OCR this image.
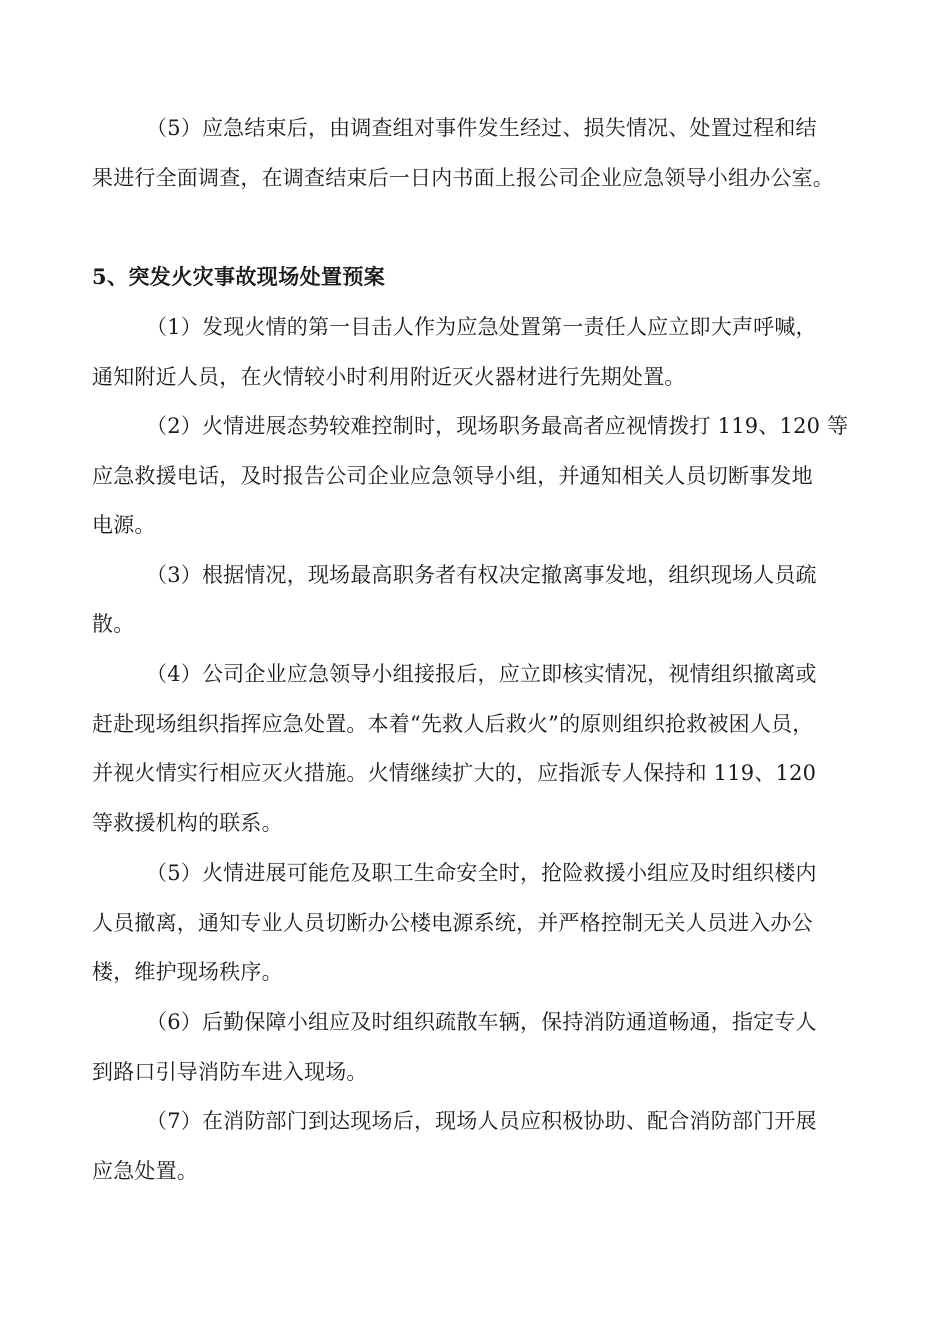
（5）应急结束后，由调查组对事件发生经过、损失情况、处置过程和结
果进行全面调查，在调查结束后一日内书面上报公司企业应急领导小组办公室。
5、突发火灾事故现场处置预案
（1）发现火情的第一目击人作为应急处置第一责任人应立即大声呼喊，
通知附近人员，在火情较小时利用附近灭火器材进行先期处置。
（2）火情进展态势较难控制时，现场职务最高者应视情拨打 119、120 等
应急救援电话，及时报告公司企业应急领导小组，并通知相关人员切断事发地
电源。
（3）根据情况，现场最高职务者有权决定撤离事发地，组织现场人员疏
散。
（4）公司企业应急领导小组接报后，应立即核实情况，视情组织撤离或
赶赴现场组织指挥应急处置。本着“先救人后救火”的原则组织抢救被困人员，
并视火情实行相应灭火措施。火情继续扩大的，应指派专人保持和 119、120
等救援机构的联系。
（5）火情进展可能危及职工生命安全时，抢险救援小组应及时组织楼内
人员撤离，通知专业人员切断办公楼电源系统，并严格控制无关人员进入办公
楼，维护现场秩序。
（6）后勤保障小组应及时组织疏散车辆，保持消防通道畅通，指定专人
到路口引导消防车进入现场。
（7）在消防部门到达现场后，现场人员应积极协助、配合消防部门开展
应急处置。
